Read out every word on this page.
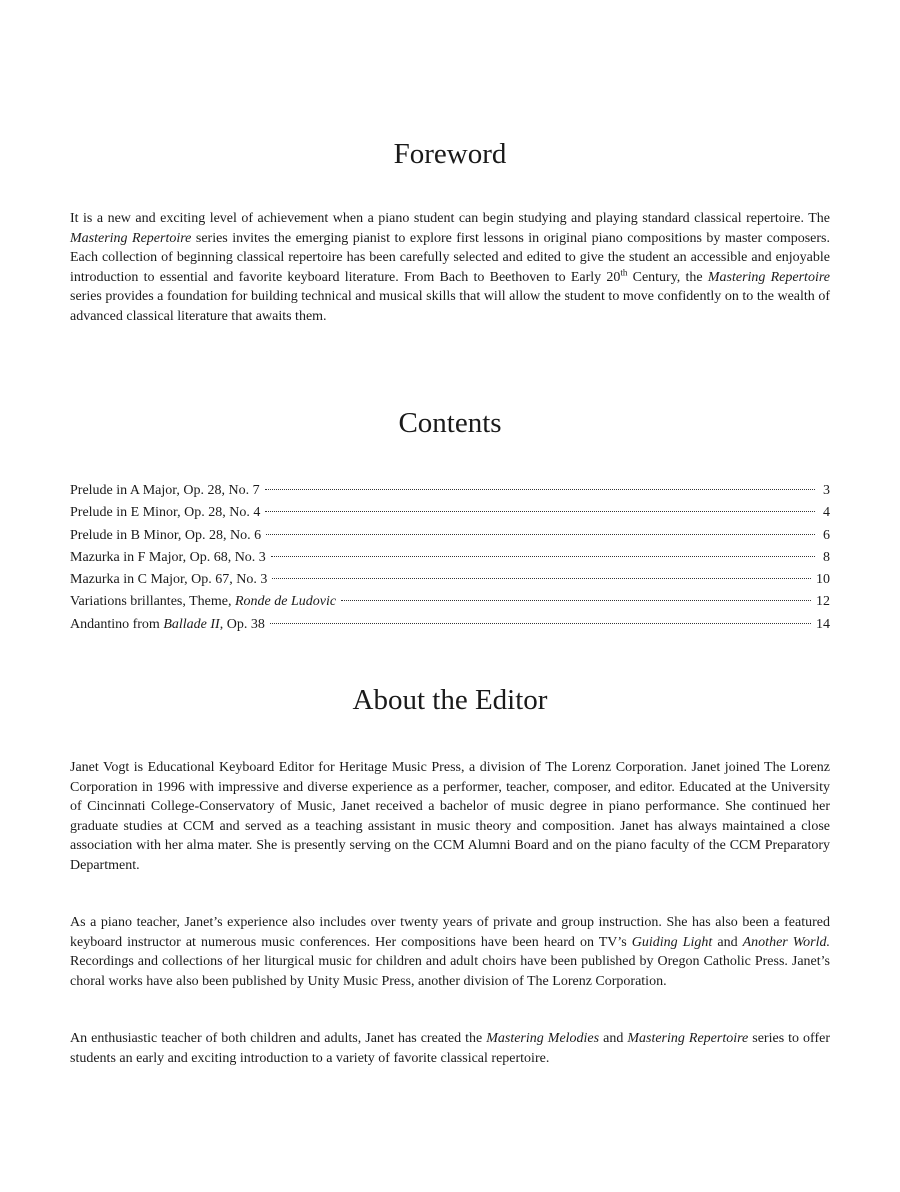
Foreword

It is a new and exciting level of achievement when a piano student can begin studying and playing standard classical repertoire. The Mastering Repertoire series invites the emerging pianist to explore first lessons in original piano compositions by master composers. Each collection of beginning classical repertoire has been carefully selected and edited to give the student an accessible and enjoyable introduction to essential and favorite keyboard literature. From Bach to Beethoven to Early 20th Century, the Mastering Repertoire series provides a foundation for building technical and musical skills that will allow the student to move confidently on to the wealth of advanced classical literature that awaits them.

Contents
Prelude in A Major, Op. 28, No. 7	3
Prelude in E Minor, Op. 28, No. 4	4
Prelude in B Minor, Op. 28, No. 6	6
Mazurka in F Major, Op. 68, No. 3	8
Mazurka in C Major, Op. 67, No. 3	10
Variations brillantes, Theme, Ronde de Ludovic	12
Andantino from Ballade II, Op. 38	14
About the Editor

Janet Vogt is Educational Keyboard Editor for Heritage Music Press, a division of The Lorenz Corporation. Janet joined The Lorenz Corporation in 1996 with impressive and diverse experience as a performer, teacher, composer, and editor. Educated at the University of Cincinnati College-Conservatory of Music, Janet received a bachelor of music degree in piano performance. She continued her graduate studies at CCM and served as a teaching assistant in music theory and composition. Janet has always maintained a close association with her alma mater. She is presently serving on the CCM Alumni Board and on the piano faculty of the CCM Preparatory Department.

As a piano teacher, Janet’s experience also includes over twenty years of private and group instruction. She has also been a featured keyboard instructor at numerous music conferences. Her compositions have been heard on TV’s Guiding Light and Another World. Recordings and collections of her liturgical music for children and adult choirs have been published by Oregon Catholic Press. Janet’s choral works have also been published by Unity Music Press, another division of The Lorenz Corporation.

An enthusiastic teacher of both children and adults, Janet has created the Mastering Melodies and Mastering Repertoire series to offer students an early and exciting introduction to a variety of favorite classical repertoire.
